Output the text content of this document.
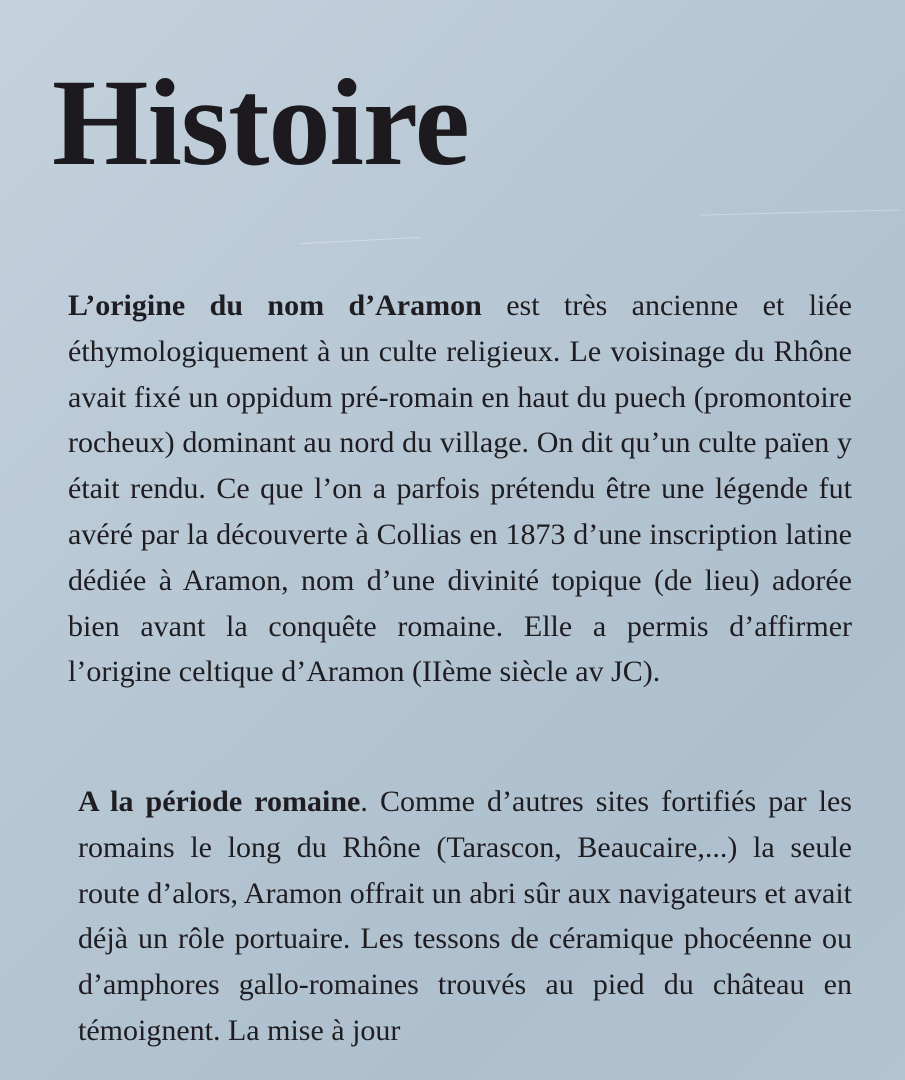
Histoire

L’origine du nom d’Aramon est très ancienne et liée éthymologiquement à un culte religieux. Le voisinage du Rhône avait fixé un oppidum pré-romain en haut du puech (promontoire rocheux) dominant au nord du village. On dit qu’un culte païen y était rendu. Ce que l’on a parfois prétendu être une légende fut avéré par la découverte à Collias en 1873 d’une inscription latine dédiée à Aramon, nom d’une divinité topique (de lieu) adorée bien avant la conquête romaine. Elle a permis d’affirmer l’origine celtique d’Aramon (IIème siècle av JC).

A la période romaine. Comme d’autres sites fortifiés par les romains le long du Rhône (Tarascon, Beaucaire,...) la seule route d’alors, Aramon offrait un abri sûr aux navigateurs et avait déjà un rôle portuaire. Les tessons de céramique phocéenne ou d’amphores gallo-romaines trouvés au pied du château en témoignent. La mise à jour
